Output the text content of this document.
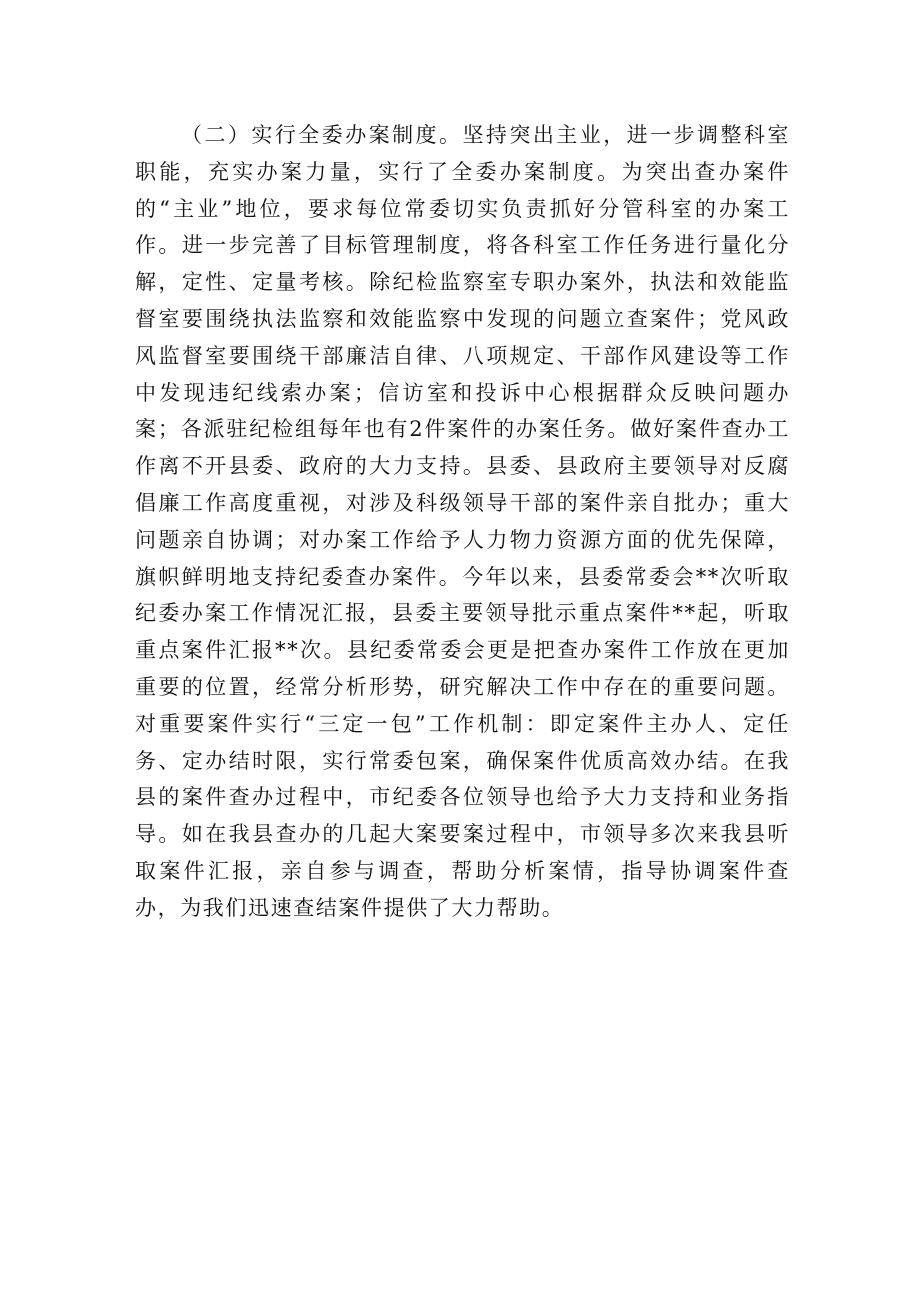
（二）实行全委办案制度。坚持突出主业，进一步调整科室职能，充实办案力量，实行了全委办案制度。为突出查办案件的“主业”地位，要求每位常委切实负责抓好分管科室的办案工作。进一步完善了目标管理制度，将各科室工作任务进行量化分解，定性、定量考核。除纪检监察室专职办案外，执法和效能监督室要围绕执法监察和效能监察中发现的问题立查案件；党风政风监督室要围绕干部廉洁自律、八项规定、干部作风建设等工作中发现违纪线索办案；信访室和投诉中心根据群众反映问题办案；各派驻纪检组每年也有2件案件的办案任务。做好案件查办工作离不开县委、政府的大力支持。县委、县政府主要领导对反腐倡廉工作高度重视，对涉及科级领导干部的案件亲自批办；重大问题亲自协调；对办案工作给予人力物力资源方面的优先保障，旗帜鲜明地支持纪委查办案件。今年以来，县委常委会**次听取纪委办案工作情况汇报，县委主要领导批示重点案件**起，听取重点案件汇报**次。县纪委常委会更是把查办案件工作放在更加重要的位置，经常分析形势，研究解决工作中存在的重要问题。对重要案件实行“三定一包”工作机制：即定案件主办人、定任务、定办结时限，实行常委包案，确保案件优质高效办结。在我县的案件查办过程中，市纪委各位领导也给予大力支持和业务指导。如在我县查办的几起大案要案过程中，市领导多次来我县听取案件汇报，亲自参与调查，帮助分析案情，指导协调案件查办，为我们迅速查结案件提供了大力帮助。
